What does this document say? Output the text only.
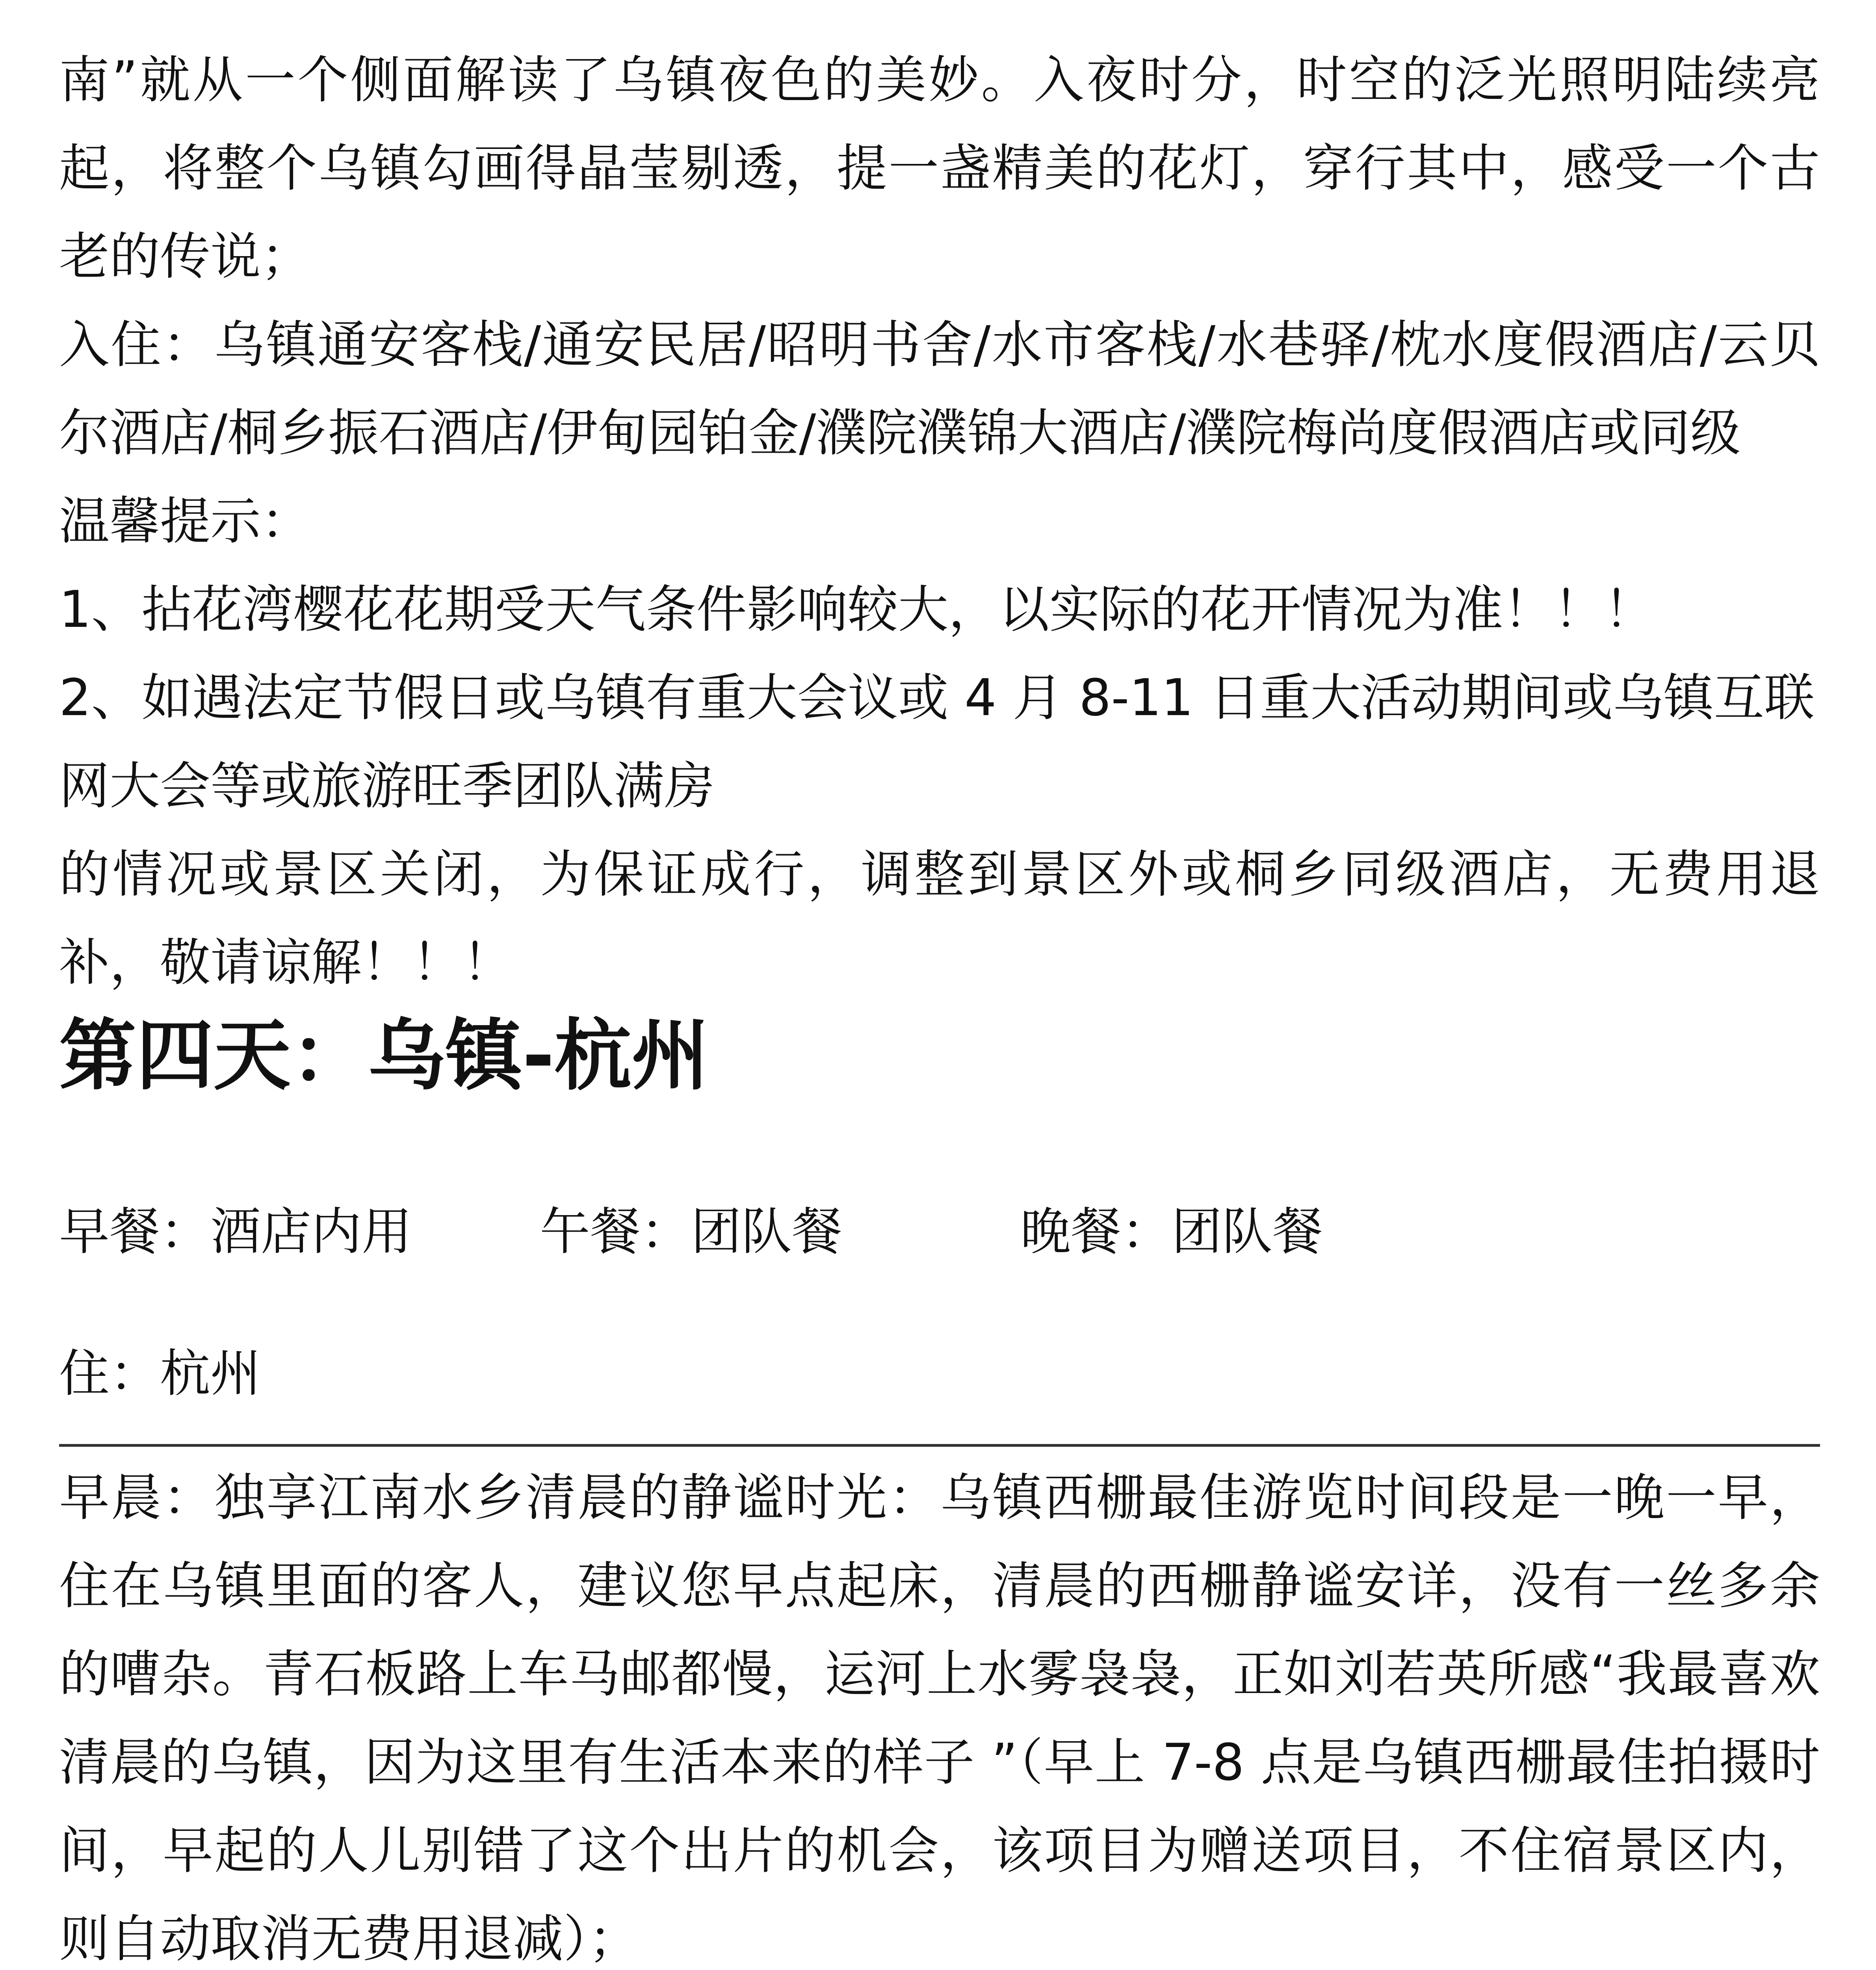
南”就从一个侧面解读了乌镇夜色的美妙。入夜时分，时空的泛光照明陆续亮起，将整个乌镇勾画得晶莹剔透，提一盏精美的花灯，穿行其中，感受一个古老的传说；

入住：乌镇通安客栈/通安民居/昭明书舍/水市客栈/水巷驿/枕水度假酒店/云贝尔酒店/桐乡振石酒店/伊甸园铂金/濮院濮锦大酒店/濮院梅尚度假酒店或同级

温馨提示：

1、拈花湾樱花花期受天气条件影响较大，以实际的花开情况为准！！！

2、如遇法定节假日或乌镇有重大会议或 4 月 8-11 日重大活动期间或乌镇互联网大会等或旅游旺季团队满房

的情况或景区关闭，为保证成行，调整到景区外或桐乡同级酒店，无费用退补，敬请谅解！！！

第四天：乌镇-杭州
早餐：酒店内用	午餐：团队餐	晚餐：团队餐
住：杭州

早晨：独享江南水乡清晨的静谧时光：乌镇西栅最佳游览时间段是一晚一早，住在乌镇里面的客人，建议您早点起床，清晨的西栅静谧安详，没有一丝多余的嘈杂。青石板路上车马邮都慢，运河上水雾袅袅，正如刘若英所感“我最喜欢清晨的乌镇，因为这里有生活本来的样子 ”（早上 7-8 点是乌镇西栅最佳拍摄时间，早起的人儿别错了这个出片的机会，该项目为赠送项目，不住宿景区内，则自动取消无费用退减）；
